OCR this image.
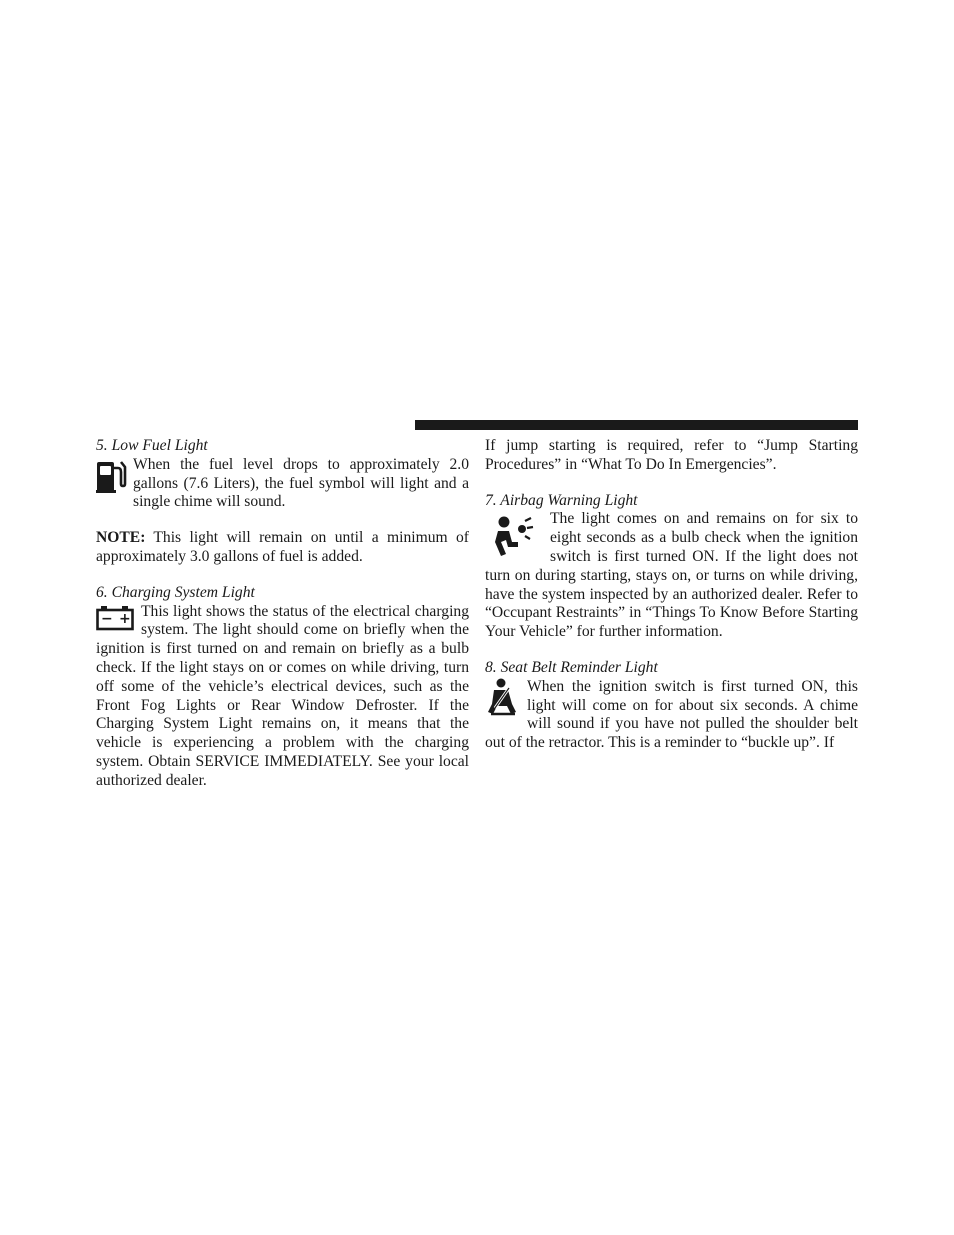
5. Low Fuel Light

When the fuel level drops to approximately 2.0 gallons (7.6 Liters), the fuel symbol will light and a single chime will sound.

NOTE: This light will remain on until a minimum of approximately 3.0 gallons of fuel is added.

6. Charging System Light
− + This light shows the status of the electrical charging system. The light should come on briefly when the ignition is first turned on and remain on briefly as a bulb check. If the light stays on or comes on while driving, turn off some of the vehicle’s electrical devices, such as the Front Fog Lights or Rear Window Defroster. If the Charging System Light remains on, it means that the vehicle is experiencing a problem with the charging system. Obtain SERVICE IMMEDIATELY. See your local authorized dealer.

If jump starting is required, refer to “Jump Starting Procedures” in “What To Do In Emergencies”.

7. Airbag Warning Light

The light comes on and remains on for six to eight seconds as a bulb check when the ignition switch is first turned ON. If the light does not turn on during starting, stays on, or turns on while driving, have the system inspected by an authorized dealer. Refer to “Occupant Restraints” in “Things To Know Before Starting Your Vehicle” for further information.

8. Seat Belt Reminder Light

When the ignition switch is first turned ON, this light will come on for about six seconds. A chime will sound if you have not pulled the shoulder belt out of the retractor. This is a reminder to “buckle up”. If
